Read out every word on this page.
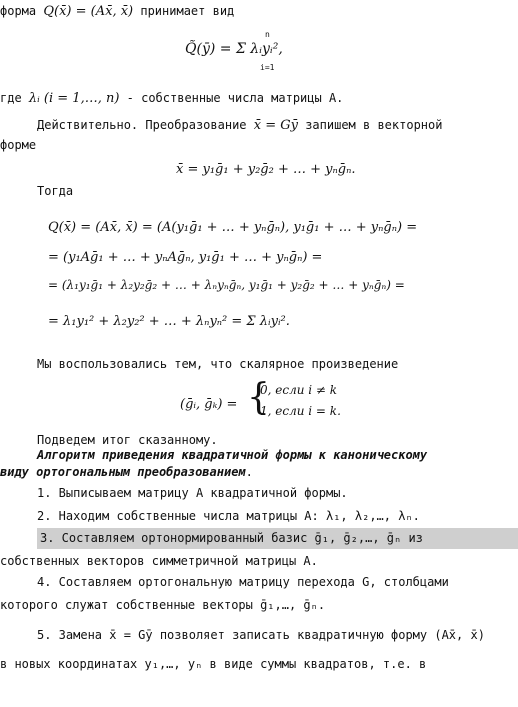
форма Q(x̄) = (Ax̄, x̄) принимает вид
Q̃(ȳ) = Σ λᵢyᵢ²,
n
i=1
где λᵢ (i = 1,…, n) - собственные числа матрицы A.
Действительно. Преобразование x̄ = Gȳ запишем в векторной
форме
x̄ = y₁ḡ₁ + y₂ḡ₂ + … + yₙḡₙ.
Тогда
Q(x̄) = (Ax̄, x̄) = (A(y₁ḡ₁ + … + yₙḡₙ), y₁ḡ₁ + … + yₙḡₙ) =
= (y₁Aḡ₁ + … + yₙAḡₙ, y₁ḡ₁ + … + yₙḡₙ) =
= (λ₁y₁ḡ₁ + λ₂y₂ḡ₂ + … + λₙyₙḡₙ, y₁ḡ₁ + y₂ḡ₂ + … + yₙḡₙ) =
= λ₁y₁² + λ₂y₂² + … + λₙyₙ² = Σ λᵢyᵢ².
Мы воспользовались тем, что скалярное произведение
(ḡᵢ, ḡₖ) = {
0, если i ≠ k
1, если i = k.
Подведем итог сказанному.
Алгоритм приведения квадратичной формы к каноническому
виду ортогональным преобразованием.
1. Выписываем матрицу A квадратичной формы.
2. Находим собственные числа матрицы A: λ₁, λ₂,…, λₙ.
3. Составляем ортонормированный базис ḡ₁, ḡ₂,…, ḡₙ из
собственных векторов симметричной матрицы A.
4. Составляем ортогональную матрицу перехода G, столбцами
которого служат собственные векторы ḡ₁,…, ḡₙ.
5. Замена x̄ = Gȳ позволяет записать квадратичную форму (Ax̄, x̄)
в новых координатах y₁,…, yₙ в виде суммы квадратов, т.е. в
